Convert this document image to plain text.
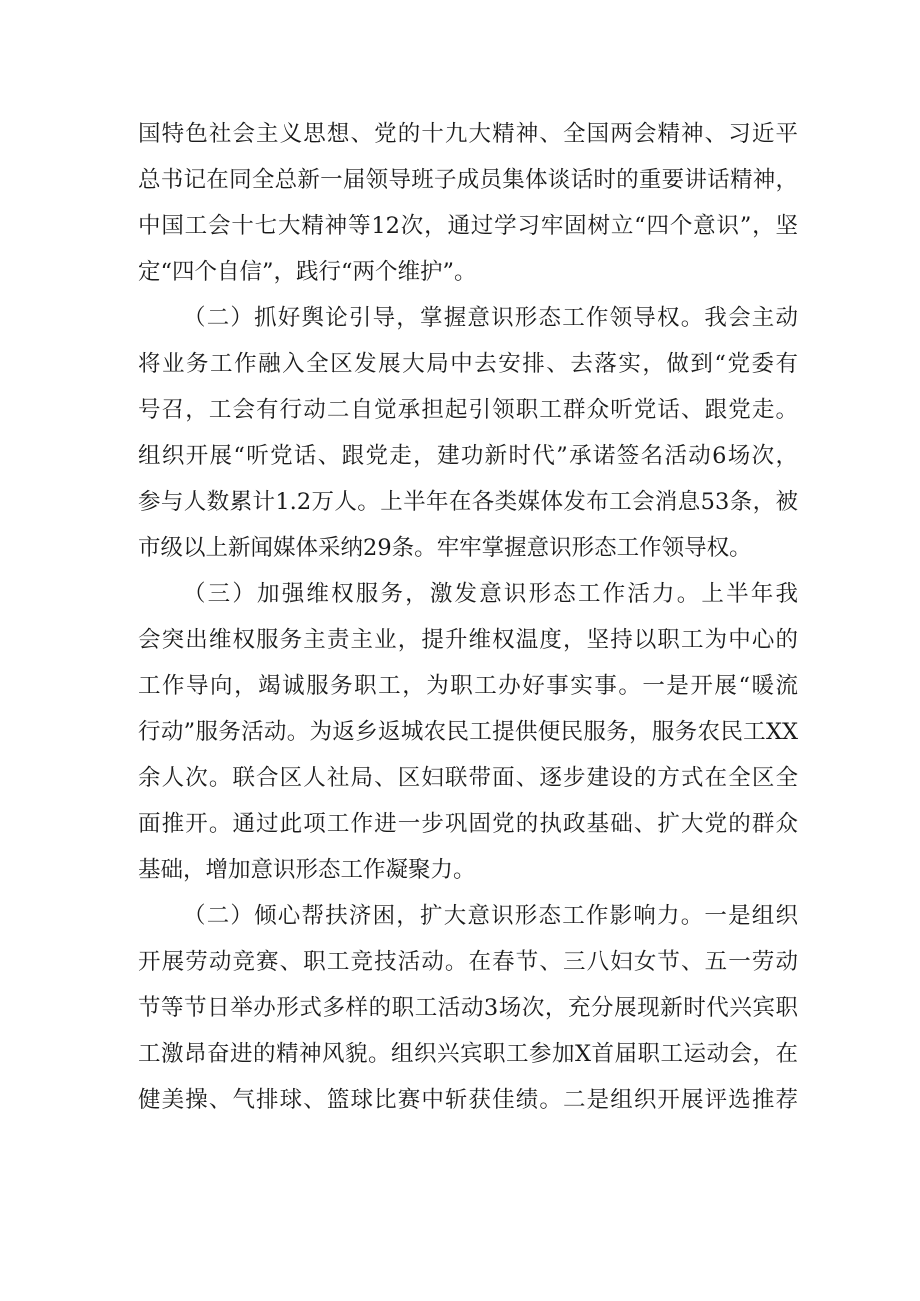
国特色社会主义思想、党的十九大精神、全国两会精神、习近平
总书记在同全总新一届领导班子成员集体谈话时的重要讲话精神，
中国工会十七大精神等12次，通过学习牢固树立“四个意识”，坚
定“四个自信”，践行“两个维护”。
（二）抓好舆论引导，掌握意识形态工作领导权。我会主动
将业务工作融入全区发展大局中去安排、去落实，做到“党委有
号召，工会有行动二自觉承担起引领职工群众听党话、跟党走。
组织开展“听党话、跟党走，建功新时代”承诺签名活动6场次，
参与人数累计1.2万人。上半年在各类媒体发布工会消息53条，被
市级以上新闻媒体采纳29条。牢牢掌握意识形态工作领导权。
（三）加强维权服务，激发意识形态工作活力。上半年我
会突出维权服务主责主业，提升维权温度，坚持以职工为中心的
工作导向，竭诚服务职工，为职工办好事实事。一是开展“暖流
行动”服务活动。为返乡返城农民工提供便民服务，服务农民工XX
余人次。联合区人社局、区妇联带面、逐步建设的方式在全区全
面推开。通过此项工作进一步巩固党的执政基础、扩大党的群众
基础，增加意识形态工作凝聚力。
（二）倾心帮扶济困，扩大意识形态工作影响力。一是组织
开展劳动竞赛、职工竞技活动。在春节、三八妇女节、五一劳动
节等节日举办形式多样的职工活动3场次，充分展现新时代兴宾职
工激昂奋进的精神风貌。组织兴宾职工参加X首届职工运动会，在
健美操、气排球、篮球比赛中斩获佳绩。二是组织开展评选推荐
